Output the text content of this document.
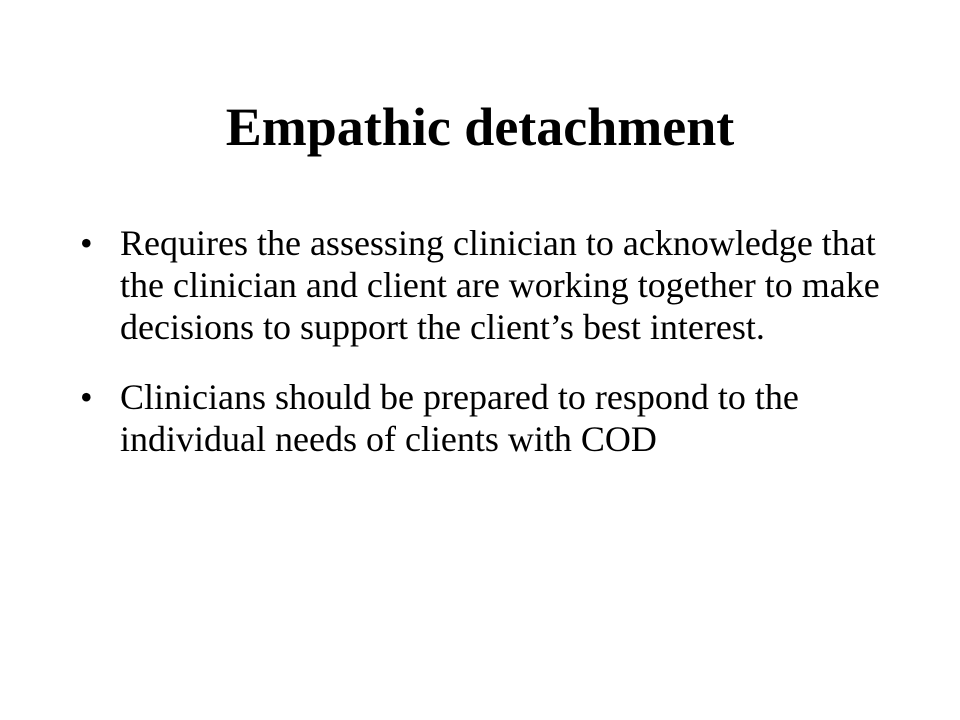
Empathic detachment
• Requires the assessing clinician to acknowledge that the clinician and client are working together to make decisions to support the client’s best interest.
• Clinicians should be prepared to respond to the individual needs of clients with COD
